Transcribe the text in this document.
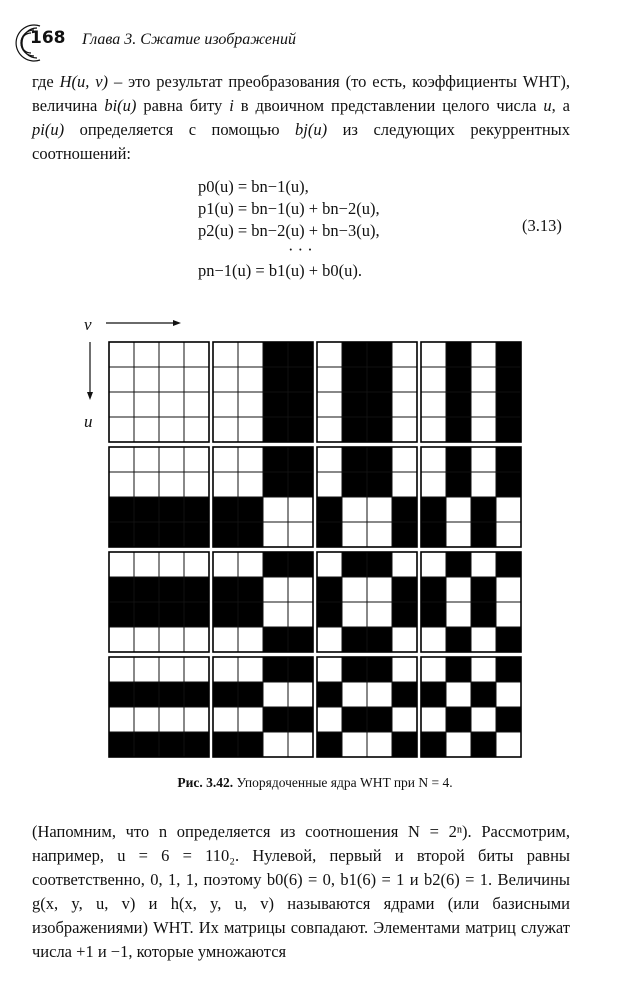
168 Глава 3. Сжатие изображений

где H(u, v) – это результат преобразования (то есть, коэффициенты WHT), величина bi(u) равна биту i в двоичном представлении целого числа u, а pi(u) определяется с помощью bj(u) из следующих рекуррентных соотношений:

p0(u) = bn−1(u),
p1(u) = bn−1(u) + bn−2(u),
p2(u) = bn−2(u) + bn−3(u),
· · ·
pn−1(u) = b1(u) + b0(u).
(3.13)
v
u
Рис. 3.42. Упорядоченные ядра WHT при N = 4.

(Напомним, что n определяется из соотношения N = 2ⁿ). Рассмотрим, например, u = 6 = 110₂. Нулевой, первый и второй биты равны соответственно, 0, 1, 1, поэтому b0(6) = 0, b1(6) = 1 и b2(6) = 1. Величины g(x, y, u, v) и h(x, y, u, v) называются ядрами (или базисными изображениями) WHT. Их матрицы совпадают. Элементами матриц служат числа +1 и −1, которые умножаются
